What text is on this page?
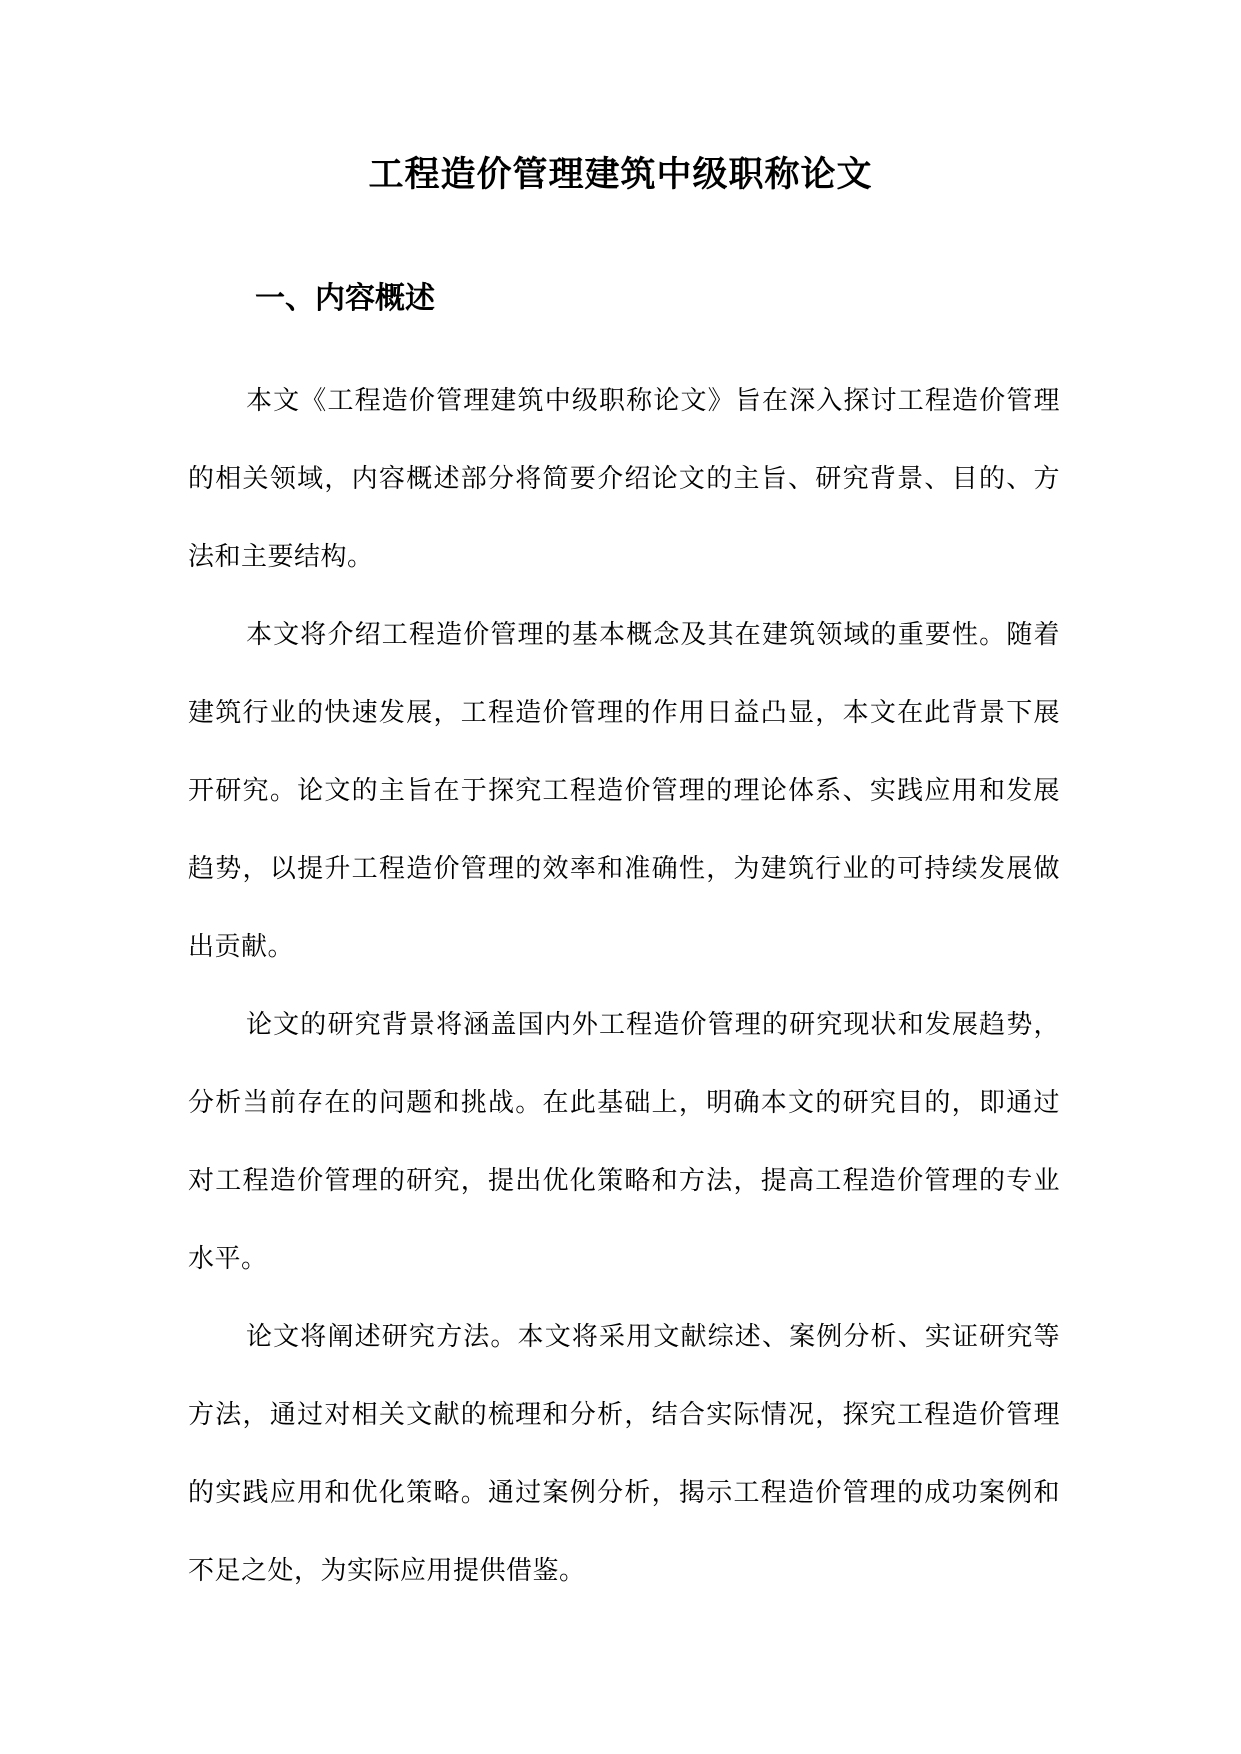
工程造价管理建筑中级职称论文
一、内容概述

本文《工程造价管理建筑中级职称论文》旨在深入探讨工程造价管理的相关领域，内容概述部分将简要介绍论文的主旨、研究背景、目的、方法和主要结构。

本文将介绍工程造价管理的基本概念及其在建筑领域的重要性。随着建筑行业的快速发展，工程造价管理的作用日益凸显，本文在此背景下展开研究。论文的主旨在于探究工程造价管理的理论体系、实践应用和发展趋势，以提升工程造价管理的效率和准确性，为建筑行业的可持续发展做出贡献。

论文的研究背景将涵盖国内外工程造价管理的研究现状和发展趋势，分析当前存在的问题和挑战。在此基础上，明确本文的研究目的，即通过对工程造价管理的研究，提出优化策略和方法，提高工程造价管理的专业水平。

论文将阐述研究方法。本文将采用文献综述、案例分析、实证研究等方法，通过对相关文献的梳理和分析，结合实际情况，探究工程造价管理的实践应用和优化策略。通过案例分析，揭示工程造价管理的成功案例和不足之处，为实际应用提供借鉴。
